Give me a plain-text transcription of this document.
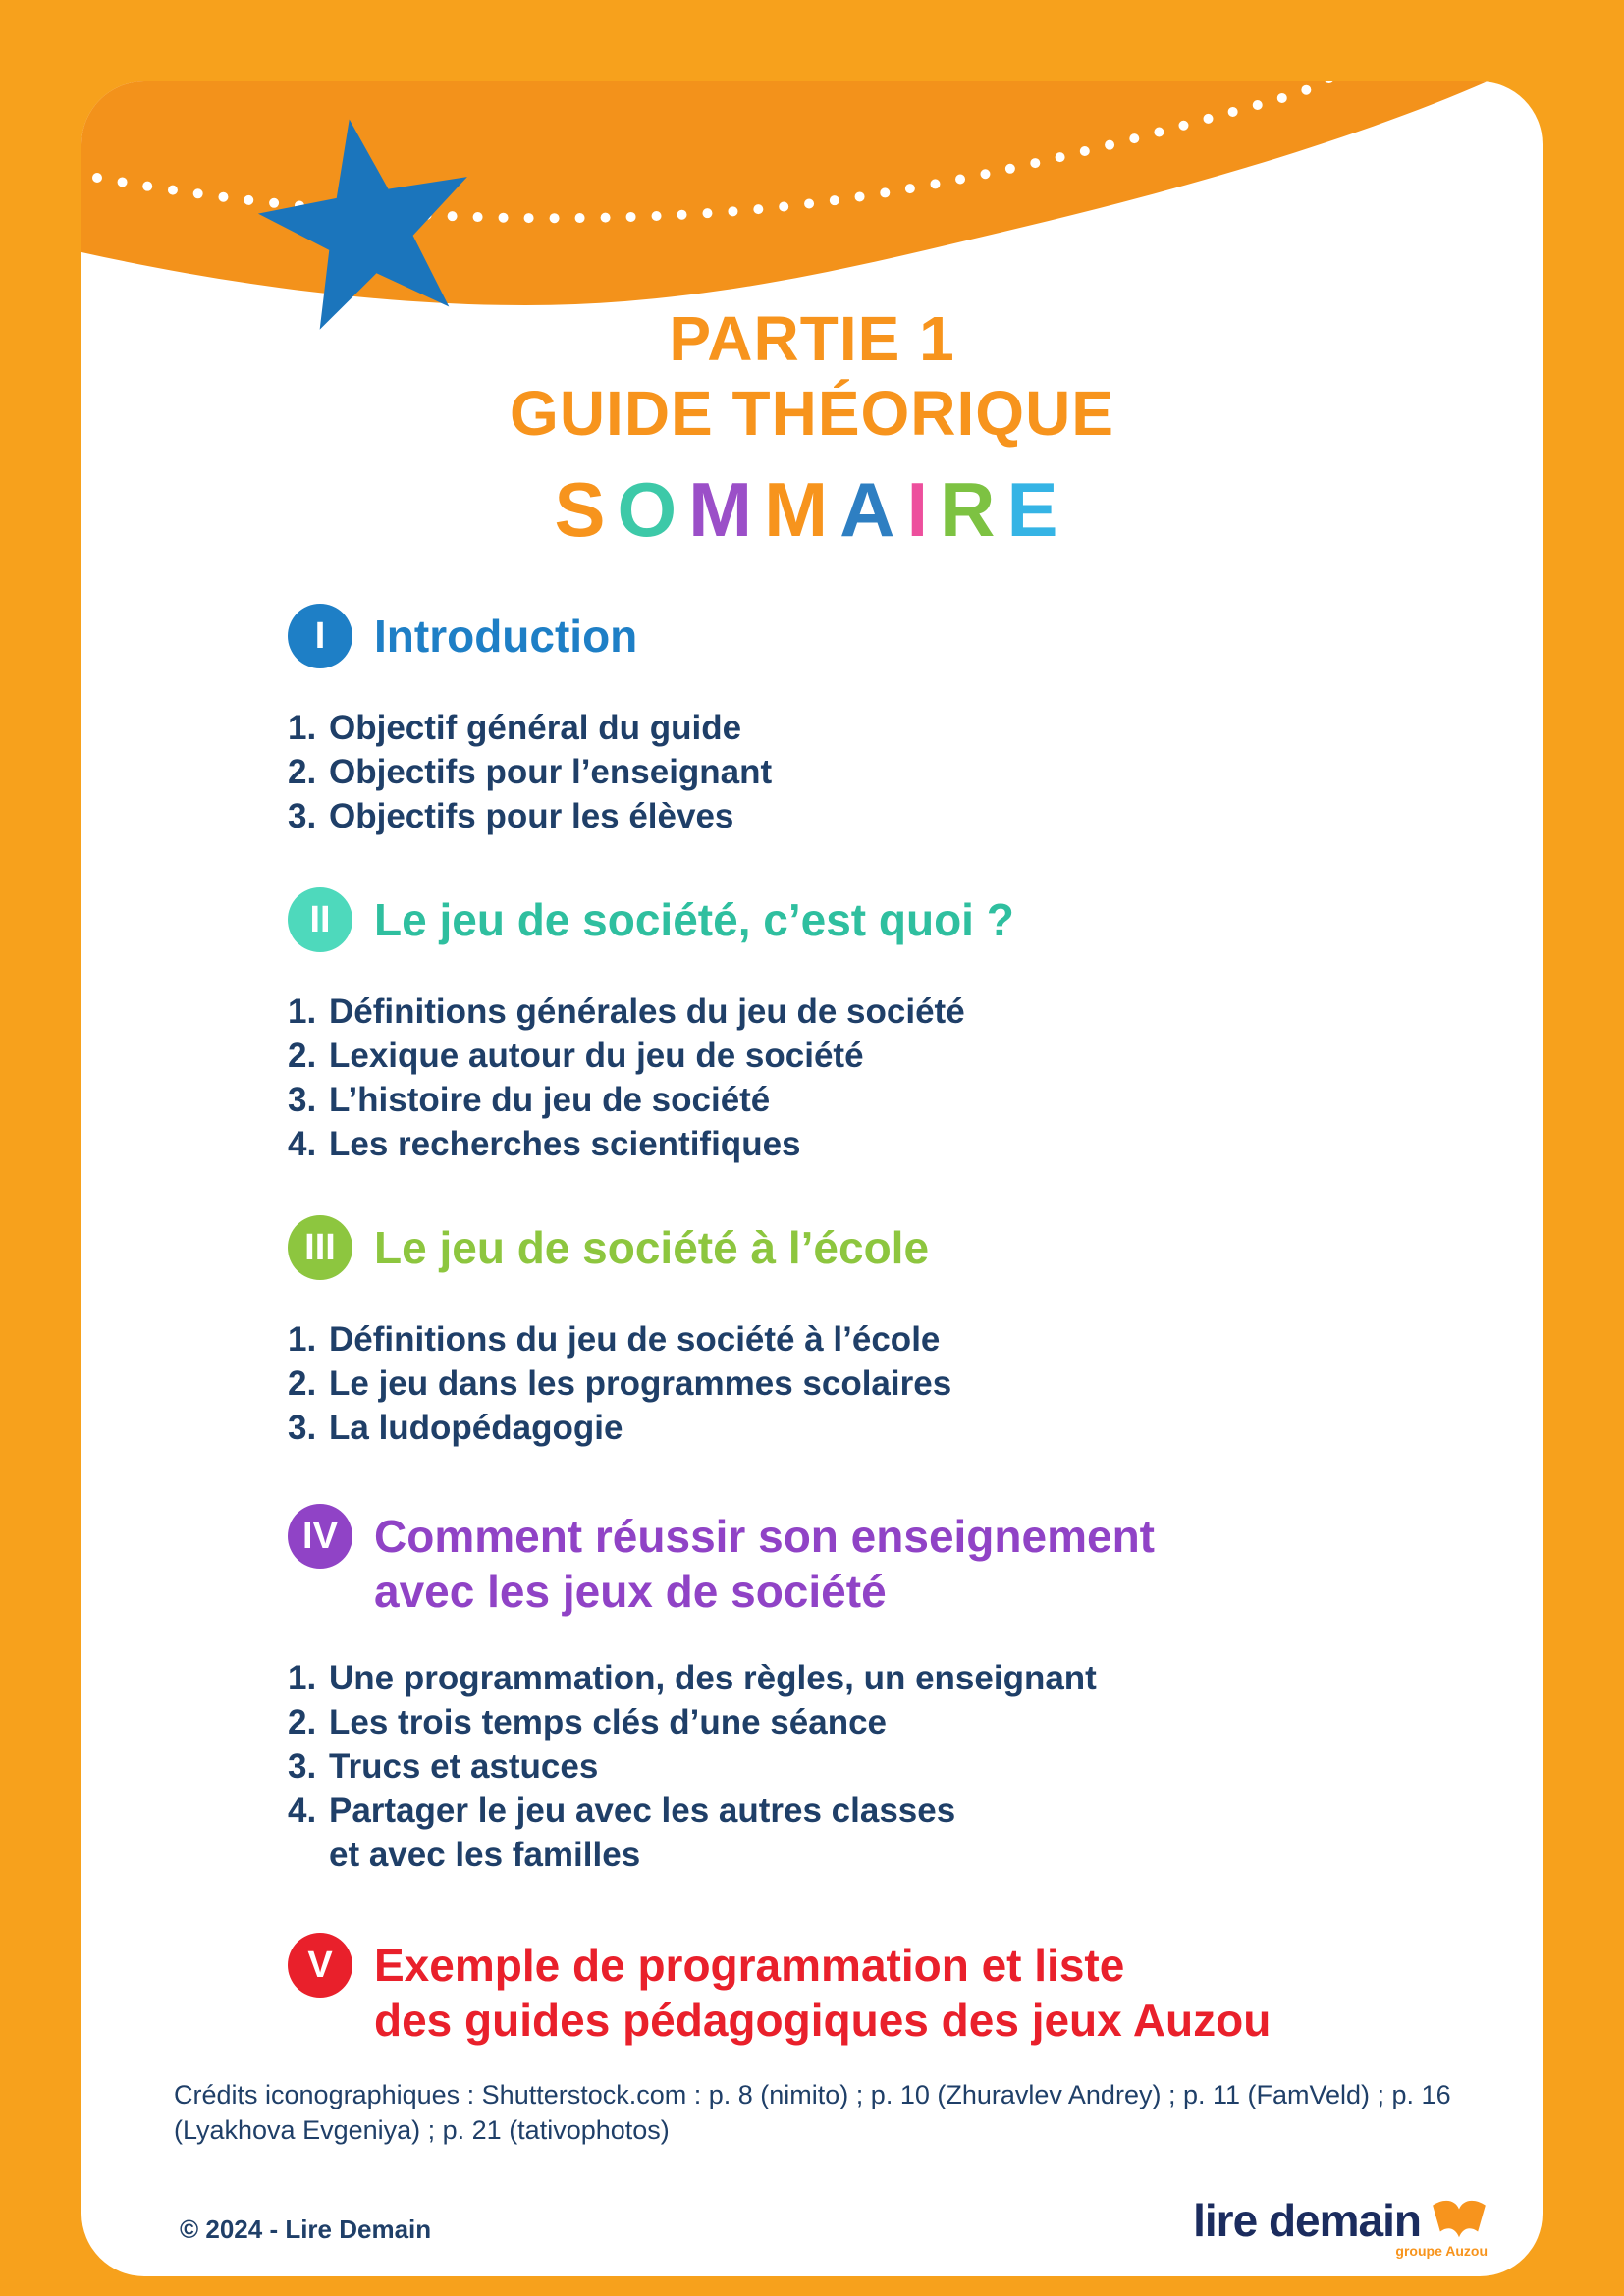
PARTIE 1
GUIDE THÉORIQUE
SOMMAIRE
I	Introduction
1. Objectif général du guide
2. Objectifs pour l’enseignant
3. Objectifs pour les élèves
II Le jeu de société, c’est quoi ?
1. Définitions générales du jeu de société
2. Lexique autour du jeu de société
3. L’histoire du jeu de société
4. Les recherches scientifiques
III Le jeu de société à l’école
1. Définitions du jeu de société à l’école
2. Le jeu dans les programmes scolaires
3. La ludopédagogie
IV Comment réussir son enseignement
avec les jeux de société
1. Une programmation, des règles, un enseignant
2. Les trois temps clés d’une séance
3. Trucs et astuces
4. Partager le jeu avec les autres classes
et avec les familles
V Exemple de programmation et liste
des guides pédagogiques des jeux Auzou
Crédits iconographiques : Shutterstock.com : p. 8 (nimito) ; p. 10 (Zhuravlev Andrey) ; p. 11 (FamVeld) ; p. 16 (Lyakhova Evgeniya) ; p. 21 (tativophotos)
© 2024 - Lire Demain	lire demain
groupe Auzou
